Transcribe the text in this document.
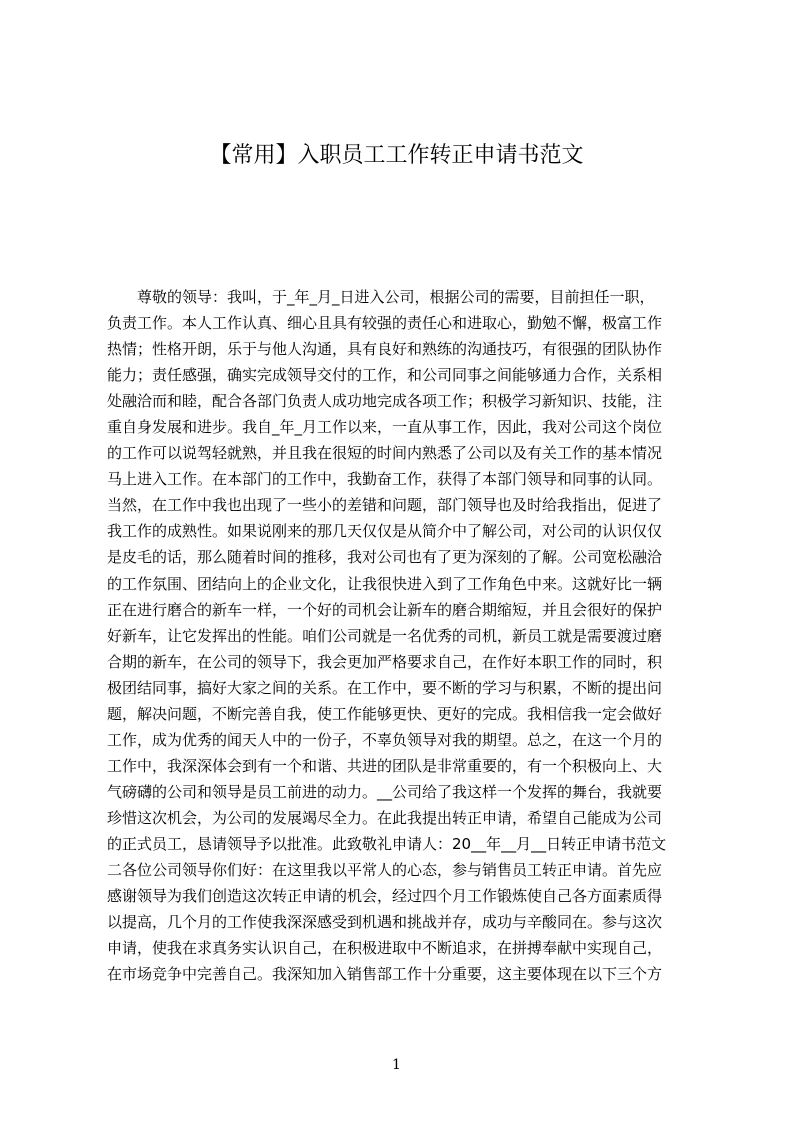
【常用】入职员工工作转正申请书范文
尊敬的领导：我叫，于_年_月_日进入公司，根据公司的需要，目前担任一职，
负责工作。本人工作认真、细心且具有较强的责任心和进取心，勤勉不懈，极富工作
热情；性格开朗，乐于与他人沟通，具有良好和熟练的沟通技巧，有很强的团队协作
能力；责任感强，确实完成领导交付的工作，和公司同事之间能够通力合作，关系相
处融洽而和睦，配合各部门负责人成功地完成各项工作；积极学习新知识、技能，注
重自身发展和进步。我自_年_月工作以来，一直从事工作，因此，我对公司这个岗位
的工作可以说驾轻就熟，并且我在很短的时间内熟悉了公司以及有关工作的基本情况
马上进入工作。在本部门的工作中，我勤奋工作，获得了本部门领导和同事的认同。
当然，在工作中我也出现了一些小的差错和问题，部门领导也及时给我指出，促进了
我工作的成熟性。如果说刚来的那几天仅仅是从简介中了解公司，对公司的认识仅仅
是皮毛的话，那么随着时间的推移，我对公司也有了更为深刻的了解。公司宽松融洽
的工作氛围、团结向上的企业文化，让我很快进入到了工作角色中来。这就好比一辆
正在进行磨合的新车一样，一个好的司机会让新车的磨合期缩短，并且会很好的保护
好新车，让它发挥出的性能。咱们公司就是一名优秀的司机，新员工就是需要渡过磨
合期的新车，在公司的领导下，我会更加严格要求自己，在作好本职工作的同时，积
极团结同事，搞好大家之间的关系。在工作中，要不断的学习与积累，不断的提出问
题，解决问题，不断完善自我，使工作能够更快、更好的完成。我相信我一定会做好
工作，成为优秀的闻天人中的一份子，不辜负领导对我的期望。总之，在这一个月的
工作中，我深深体会到有一个和谐、共进的团队是非常重要的，有一个积极向上、大
气磅礴的公司和领导是员工前进的动力。__公司给了我这样一个发挥的舞台，我就要
珍惜这次机会，为公司的发展竭尽全力。在此我提出转正申请，希望自己能成为公司
的正式员工，恳请领导予以批准。此致敬礼申请人：20__年__月__日转正申请书范文
二各位公司领导你们好：在这里我以平常人的心态，参与销售员工转正申请。首先应
感谢领导为我们创造这次转正申请的机会，经过四个月工作锻炼使自己各方面素质得
以提高，几个月的工作使我深深感受到机遇和挑战并存，成功与辛酸同在。参与这次
申请，使我在求真务实认识自己，在积极进取中不断追求，在拼搏奉献中实现自己，
在市场竞争中完善自己。我深知加入销售部工作十分重要，这主要体现在以下三个方
1
